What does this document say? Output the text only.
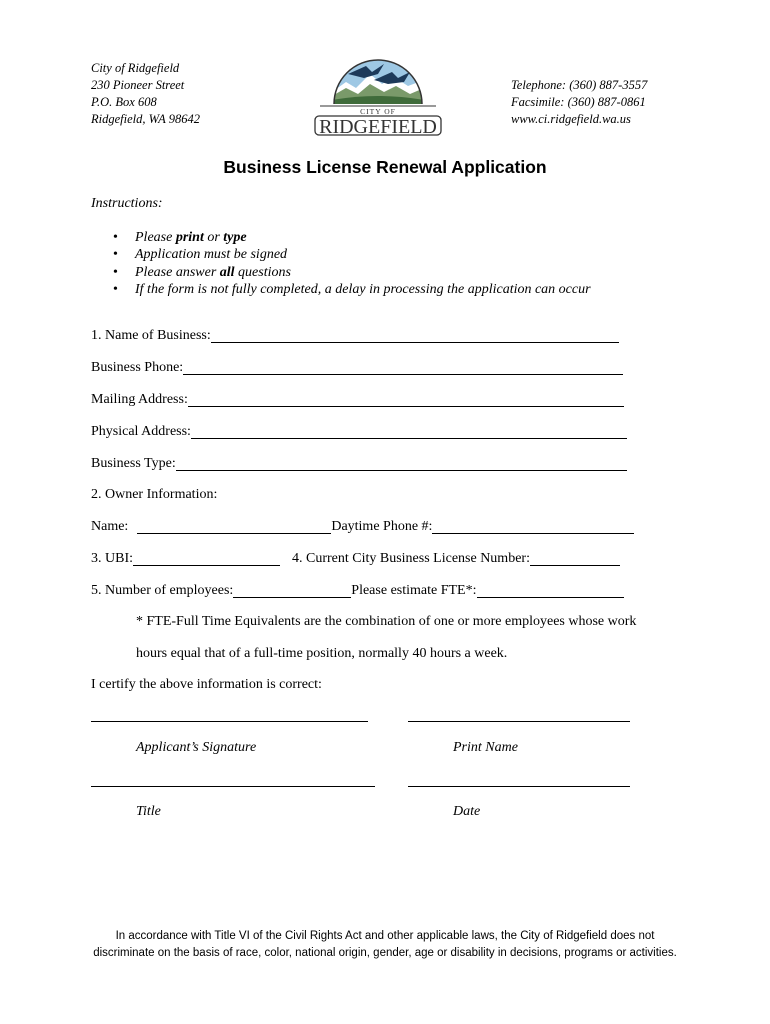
City of Ridgefield
230 Pioneer Street
P.O. Box 608
Ridgefield, WA 98642
CITY OF
RIDGEFIELD
Telephone: (360) 887-3557
Facsimile: (360) 887-0861
www.ci.ridgefield.wa.us
Business License Renewal Application
Instructions:
• Please print or type
• Application must be signed
• Please answer all questions
• If the form is not fully completed, a delay in processing the application can occur
1. Name of Business:
Business Phone:
Mailing Address:
Physical Address:
Business Type:
2. Owner Information:
Name:	Daytime Phone #:
3. UBI:	4. Current City Business License Number:
5. Number of employees:	Please estimate FTE*:
* FTE-Full Time Equivalents are the combination of one or more employees whose work
hours equal that of a full-time position, normally 40 hours a week.
I certify the above information is correct:
Applicant’s Signature	Print Name
Title	Date
In accordance with Title VI of the Civil Rights Act and other applicable laws, the City of Ridgefield does not
discriminate on the basis of race, color, national origin, gender, age or disability in decisions, programs or activities.
